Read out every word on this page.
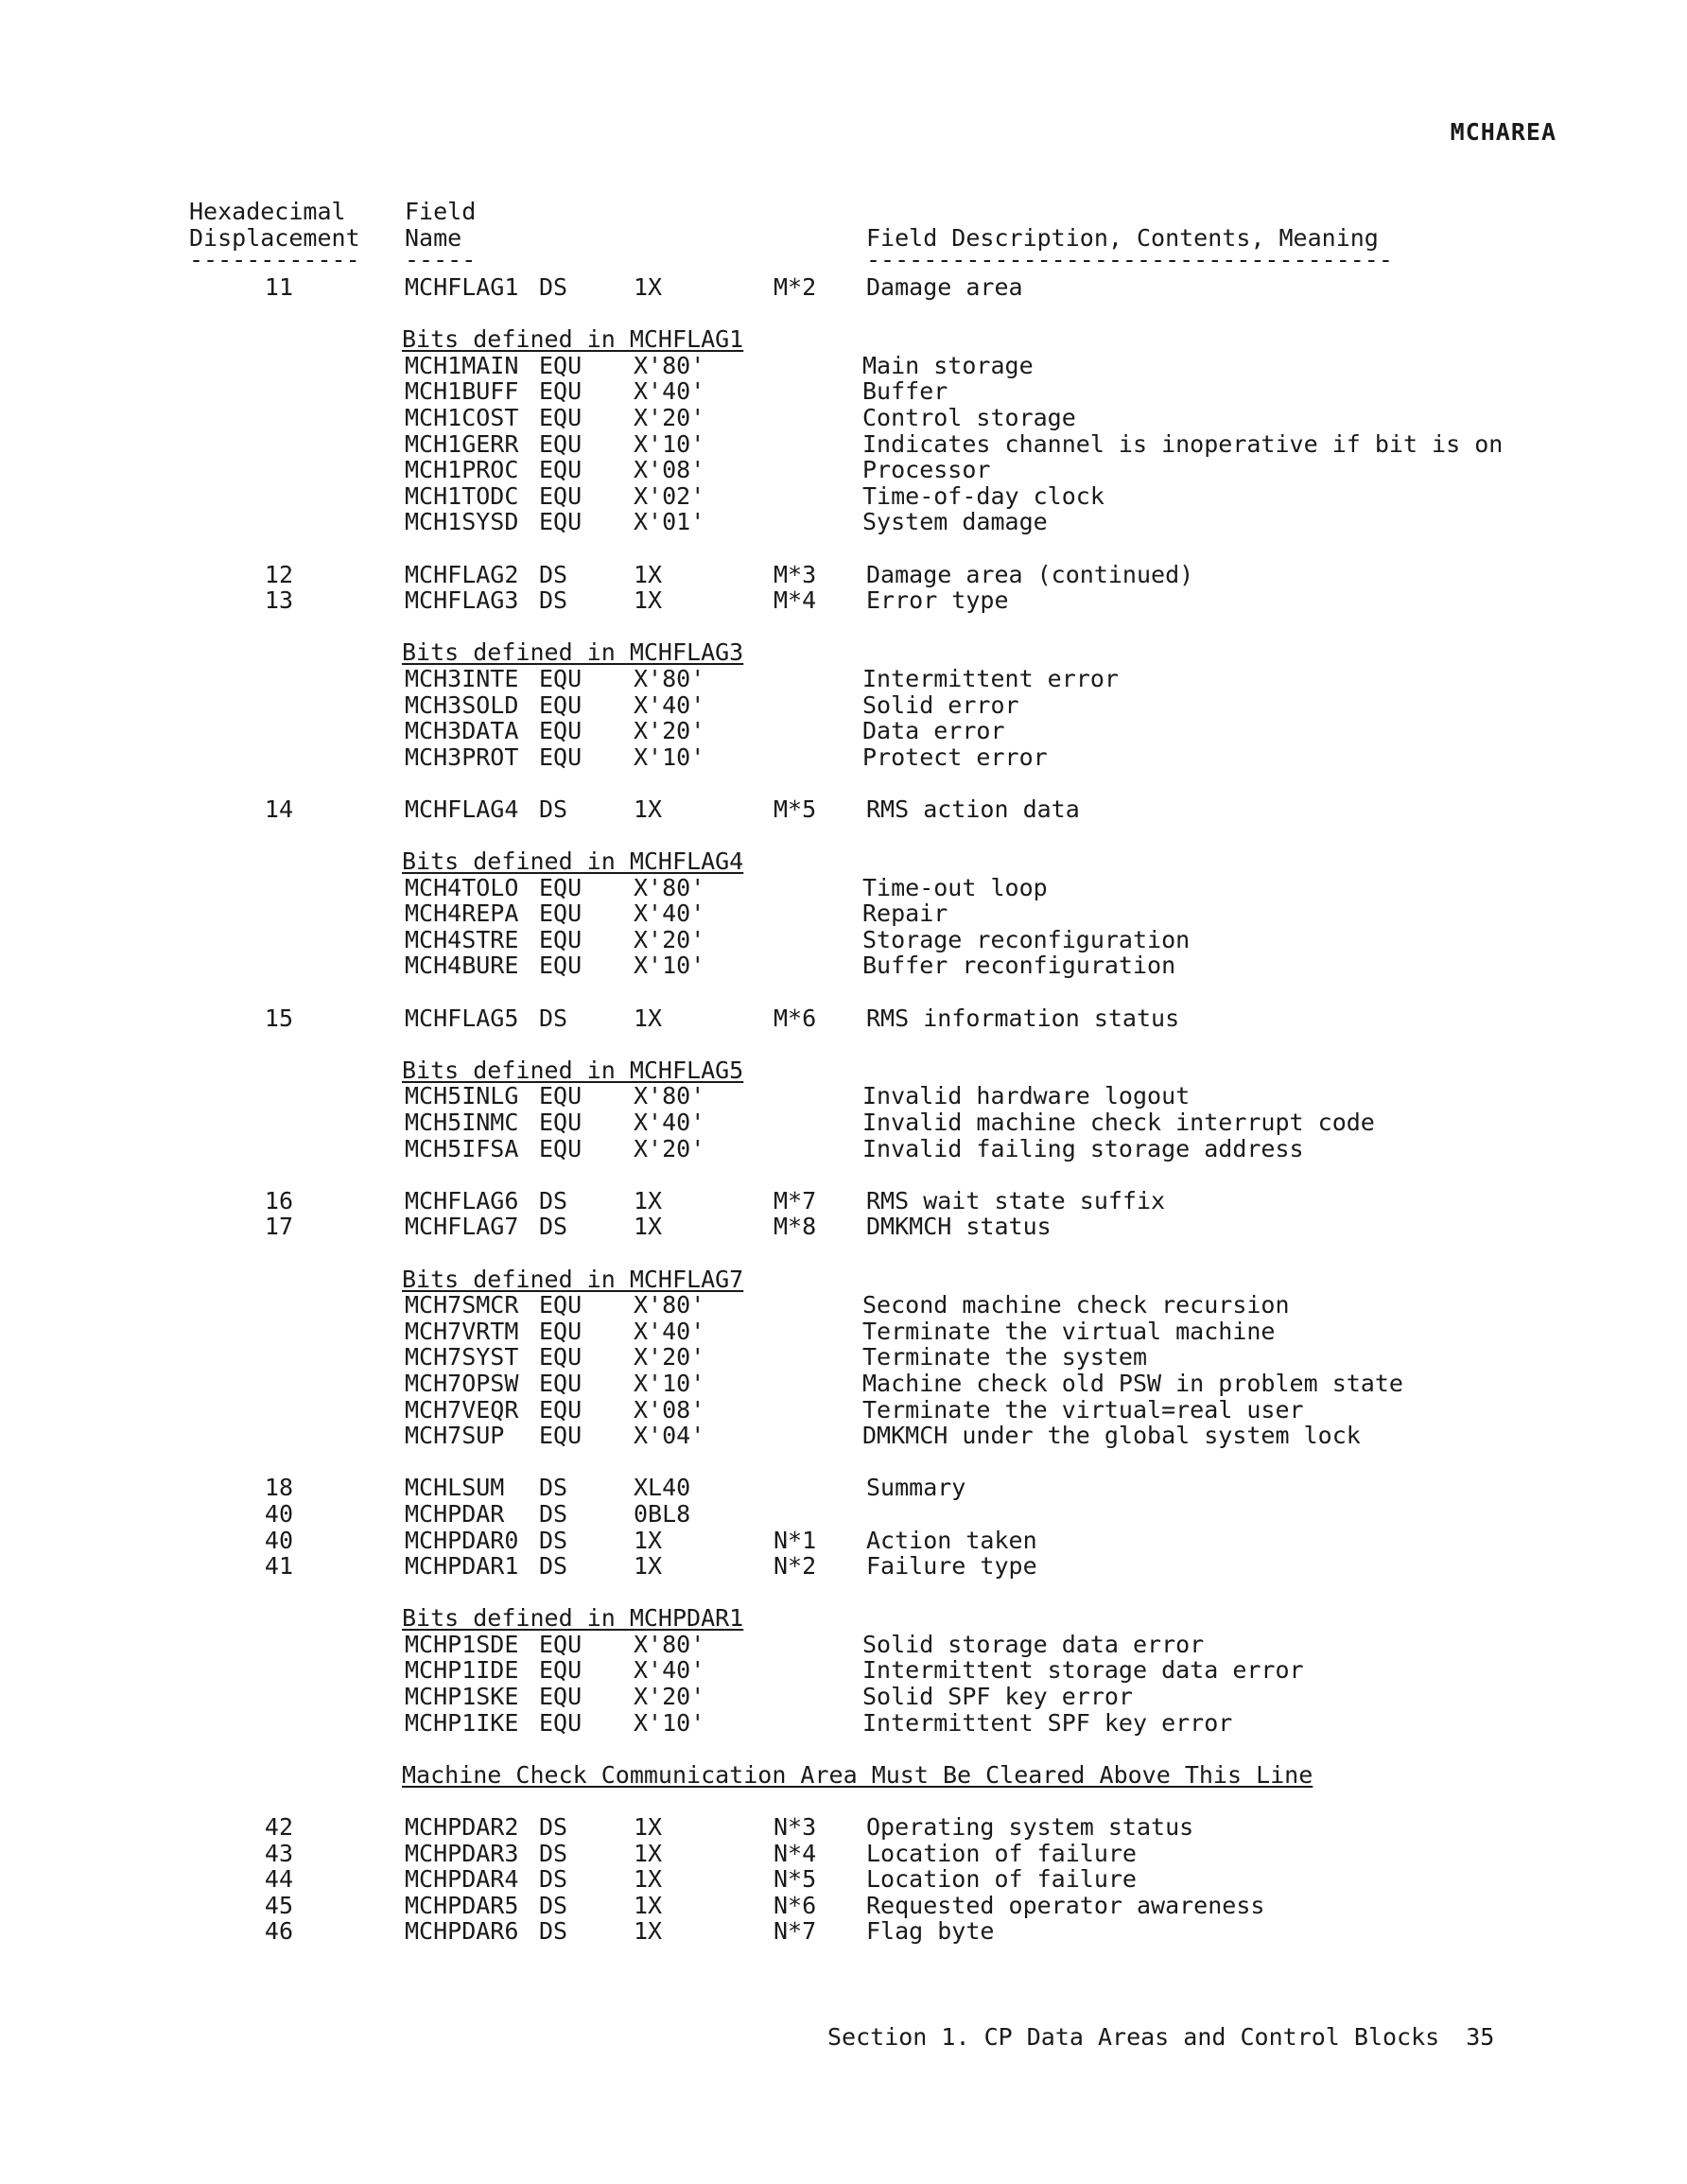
MCHAREA
Hexadecimal
Displacement
------------
Field
Name
-----
Field Description, Contents, Meaning
-------------------------------------
11	MCHFLAG1 DS	1X	M*2 Damage area
Bits defined in MCHFLAG1
MCH1MAIN EQU X'80'	Main storage
MCH1BUFF EQU X'40'	Buffer
MCH1COST EQU X'20'	Control storage
MCH1GERR EQU X'10'	Indicates channel is inoperative if bit is on
MCH1PROC EQU X'08'	Processor
MCH1TODC EQU X'02'	Time-of-day clock
MCH1SYSD EQU X'01'	System damage
12	MCHFLAG2 DS	1X	M*3 Damage area (continued)
13	MCHFLAG3 DS	1X	M*4 Error type
Bits defined in MCHFLAG3
MCH3INTE EQU X'80'	Intermittent error
MCH3SOLD EQU X'40'	Solid error
MCH3DATA EQU X'20'	Data error
MCH3PROT EQU X'10'	Protect error
14	MCHFLAG4 DS	1X	M*5 RMS action data
Bits defined in MCHFLAG4
MCH4TOLO EQU X'80'	Time-out loop
MCH4REPA EQU X'40'	Repair
MCH4STRE EQU X'20'	Storage reconfiguration
MCH4BURE EQU X'10'	Buffer reconfiguration
15	MCHFLAG5 DS	1X	M*6 RMS information status
Bits defined in MCHFLAG5
MCH5INLG EQU X'80'	Invalid hardware logout
MCH5INMC EQU X'40'	Invalid machine check interrupt code
MCH5IFSA EQU X'20'	Invalid failing storage address
16	MCHFLAG6 DS	1X	M*7 RMS wait state suffix
17	MCHFLAG7 DS	1X	M*8 DMKMCH status
Bits defined in MCHFLAG7
MCH7SMCR EQU X'80'	Second machine check recursion
MCH7VRTM EQU X'40'	Terminate the virtual machine
MCH7SYST EQU X'20'	Terminate the system
MCH7OPSW EQU X'10'	Machine check old PSW in problem state
MCH7VEQR EQU X'08'	Terminate the virtual=real user
MCH7SUP EQU X'04'	DMKMCH under the global system lock
18	MCHLSUM DS	XL40	Summary
40	MCHPDAR DS	0BL8
40	MCHPDAR0 DS	1X	N*1 Action taken
41	MCHPDAR1 DS	1X	N*2 Failure type
Bits defined in MCHPDAR1
MCHP1SDE EQU X'80'	Solid storage data error
MCHP1IDE EQU X'40'	Intermittent storage data error
MCHP1SKE EQU X'20'	Solid SPF key error
MCHP1IKE EQU X'10'	Intermittent SPF key error
Machine Check Communication Area Must Be Cleared Above This Line
42	MCHPDAR2 DS	1X	N*3 Operating system status
43	MCHPDAR3 DS	1X	N*4 Location of failure
44	MCHPDAR4 DS	1X	N*5 Location of failure
45	MCHPDAR5 DS	1X	N*6 Requested operator awareness
46	MCHPDAR6 DS	1X	N*7 Flag byte
Section 1. CP Data Areas and Control Blocks 35
